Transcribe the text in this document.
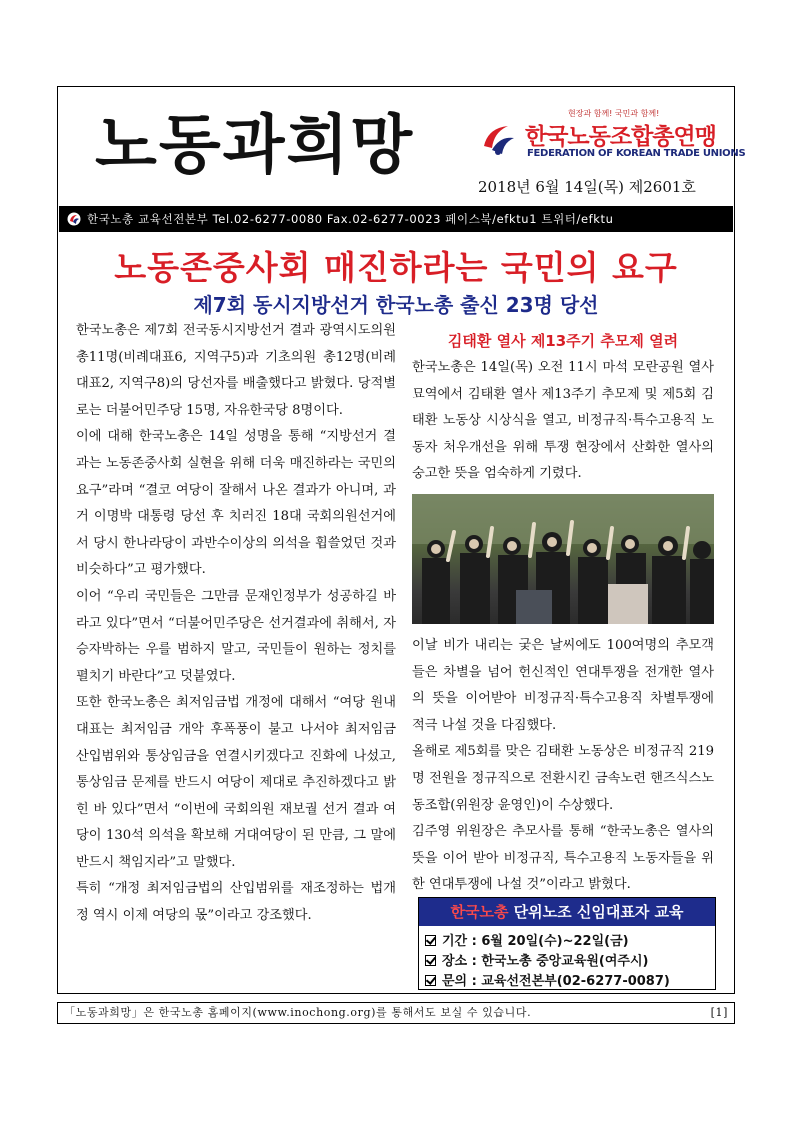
노동과희망	현장과 함께! 국민과 함께!
한국노동조합총연맹
FEDERATION OF KOREAN TRADE UNIONS
2018년 6월 14일(목) 제2601호
한국노총 교육선전본부 Tel.02-6277-0080 Fax.02-6277-0023 페이스북/efktu1 트위터/efktu
노동존중사회 매진하라는 국민의 요구
제7회 동시지방선거 한국노총 출신 23명 당선

한국노총은 제7회 전국동시지방선거 결과 광역시도의원 총11명(비례대표6, 지역구5)과 기초의원 총12명(비례대표2, 지역구8)의 당선자를 배출했다고 밝혔다. 당적별로는 더불어민주당 15명, 자유한국당 8명이다.

이에 대해 한국노총은 14일 성명을 통해 “지방선거 결과는 노동존중사회 실현을 위해 더욱 매진하라는 국민의 요구”라며 “결코 여당이 잘해서 나온 결과가 아니며, 과거 이명박 대통령 당선 후 치러진 18대 국회의원선거에서 당시 한나라당이 과반수이상의 의석을 휩쓸었던 것과 비슷하다”고 평가했다.

이어 “우리 국민들은 그만큼 문재인정부가 성공하길 바라고 있다”면서 “더불어민주당은 선거결과에 취해서, 자승자박하는 우를 범하지 말고, 국민들이 원하는 정치를 펼치기 바란다”고 덧붙였다.

또한 한국노총은 최저임금법 개정에 대해서 “여당 원내대표는 최저임금 개악 후폭풍이 불고 나서야 최저임금 산입범위와 통상임금을 연결시키겠다고 진화에 나섰고, 통상임금 문제를 반드시 여당이 제대로 추진하겠다고 밝힌 바 있다”면서 “이번에 국회의원 재보궐 선거 결과 여당이 130석 의석을 확보해 거대여당이 된 만큼, 그 말에 반드시 책임지라”고 말했다.

특히 “개정 최저임금법의 산입범위를 재조정하는 법개정 역시 이제 여당의 몫”이라고 강조했다.

김태환 열사 제13주기 추모제 열려

한국노총은 14일(목) 오전 11시 마석 모란공원 열사묘역에서 김태환 열사 제13주기 추모제 및 제5회 김태환 노동상 시상식을 열고, 비정규직·특수고용직 노동자 처우개선을 위해 투쟁 현장에서 산화한 열사의 숭고한 뜻을 엄숙하게 기렸다.

이날 비가 내리는 궂은 날씨에도 100여명의 추모객들은 차별을 넘어 헌신적인 연대투쟁을 전개한 열사의 뜻을 이어받아 비정규직·특수고용직 차별투쟁에 적극 나설 것을 다짐했다.

올해로 제5회를 맞은 김태환 노동상은 비정규직 219명 전원을 정규직으로 전환시킨 금속노련 핸즈식스노동조합(위원장 윤영인)이 수상했다.

김주영 위원장은 추모사를 통해 “한국노총은 열사의 뜻을 이어 받아 비정규직, 특수고용직 노동자들을 위한 연대투쟁에 나설 것”이라고 밝혔다.

한국노총 단위노조 신임대표자 교육
기간 : 6월 20일(수)~22일(금)
장소 : 한국노총 중앙교육원(여주시)
문의 : 교육선전본부(02-6277-0087)
「노동과희망」은 한국노총 홈페이지(www.inochong.org)를 통해서도 보실 수 있습니다.	[1]
